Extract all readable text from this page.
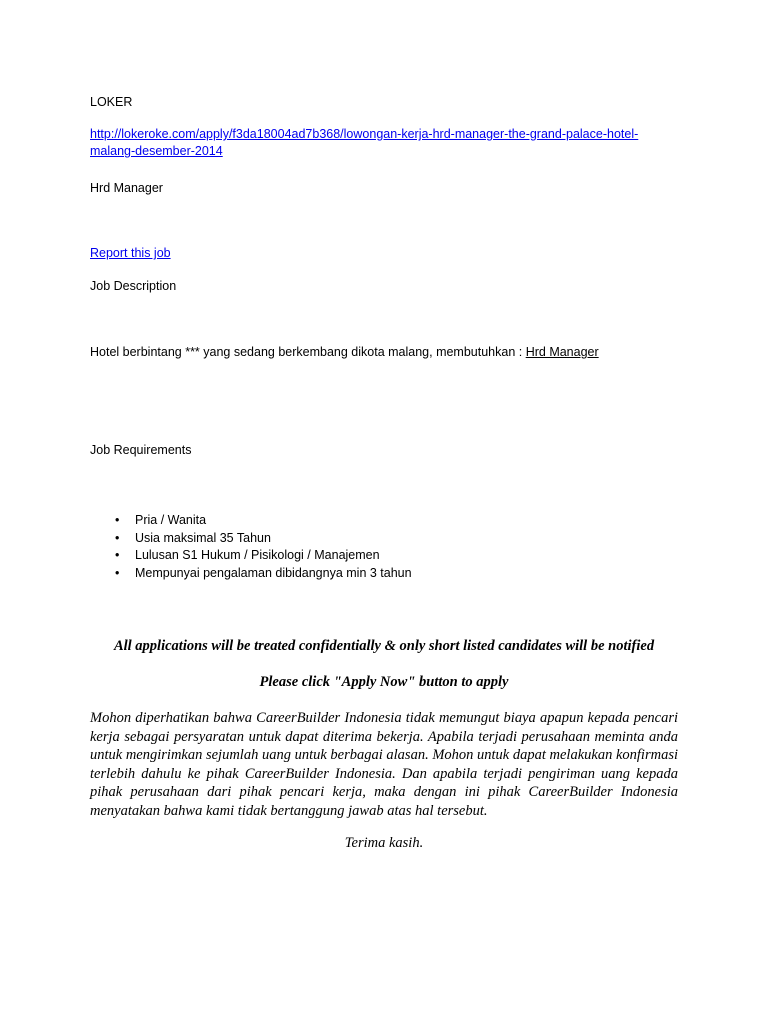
LOKER

http://lokeroke.com/apply/f3da18004ad7b368/lowongan-kerja-hrd-manager-the-grand-palace-hotel-
malang-desember-2014

Hrd Manager

Report this job

Job Description

Hotel berbintang *** yang sedang berkembang dikota malang, membutuhkan : Hrd Manager

Job Requirements

• Pria / Wanita
• Usia maksimal 35 Tahun
• Lulusan S1 Hukum / Pisikologi / Manajemen
• Mempunyai pengalaman dibidangnya min 3 tahun

All applications will be treated confidentially & only short listed candidates will be notified

Please click "Apply Now" button to apply

Mohon diperhatikan bahwa CareerBuilder Indonesia tidak memungut biaya apapun kepada pencari kerja sebagai persyaratan untuk dapat diterima bekerja. Apabila terjadi perusahaan meminta anda untuk mengirimkan sejumlah uang untuk berbagai alasan. Mohon untuk dapat melakukan konfirmasi terlebih dahulu ke pihak CareerBuilder Indonesia. Dan apabila terjadi pengiriman uang kepada pihak perusahaan dari pihak pencari kerja, maka dengan ini pihak CareerBuilder Indonesia menyatakan bahwa kami tidak bertanggung jawab atas hal tersebut.

Terima kasih.
